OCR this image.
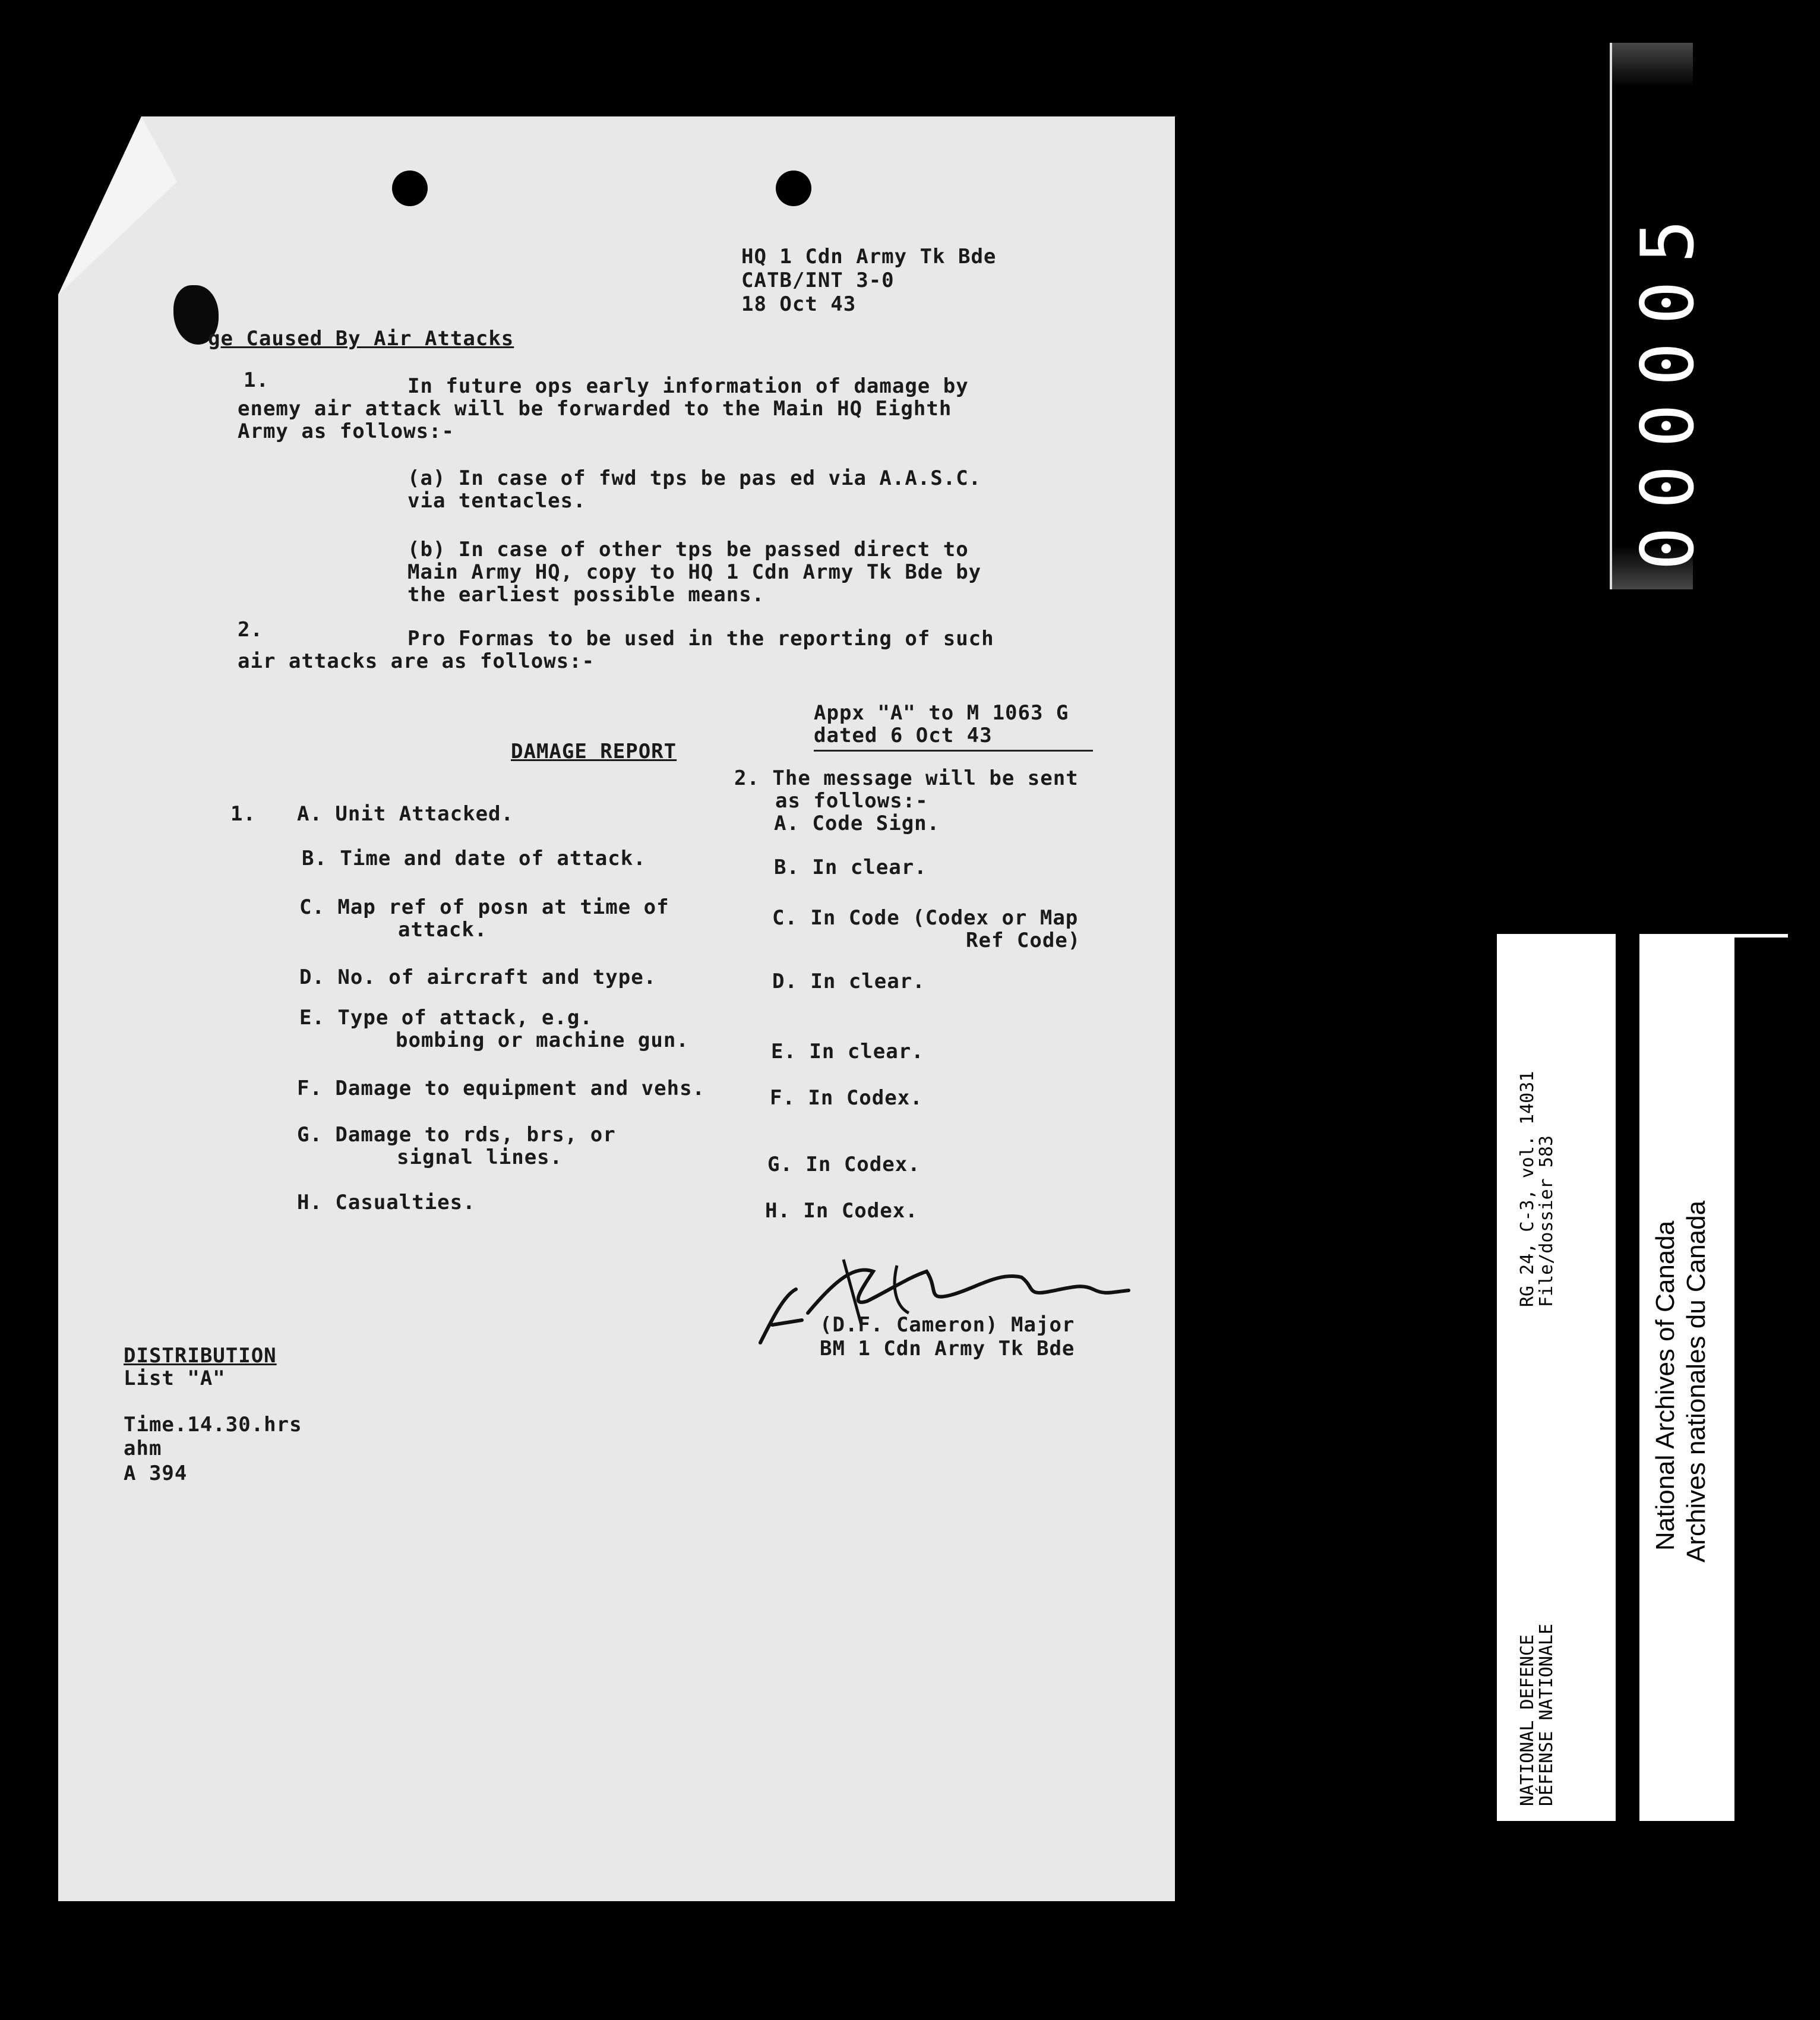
HQ 1 Cdn Army Tk Bde
CATB/INT 3-0
18 Oct 43
ge Caused By Air Attacks
1.	In future ops early information of damage by
enemy air attack will be forwarded to the Main HQ Eighth
Army as follows:-
(a) In case of fwd tps be pas ed via A.A.S.C.
via tentacles.
(b) In case of other tps be passed direct to
Main Army HQ, copy to HQ 1 Cdn Army Tk Bde by
the earliest possible means.
2.	Pro Formas to be used in the reporting of such
air attacks are as follows:-
Appx "A" to M 1063 G
dated 6 Oct 43
DAMAGE REPORT
2. The message will be sent
as follows:-
1. A. Unit Attacked.	A. Code Sign.
B. Time and date of attack.	B. In clear.
C. Map ref of posn at time of
attack.	C. In Code (Codex or Map
Ref Code)
D. No. of aircraft and type.	D. In clear.
E. Type of attack, e.g.
bombing or machine gun.	E. In clear.
F. Damage to equipment and vehs.	F. In Codex.
G. Damage to rds, brs, or
signal lines.	G. In Codex.
H. Casualties.	H. In Codex.
(D.F. Cameron) Major
BM 1 Cdn Army Tk Bde
DISTRIBUTION
List "A"
Time.14.30.hrs
ahm
A 394
000005
RG 24, C-3, vol. 14031
File/dossier 583
NATIONAL DEFENCE
DÉFENSE NATIONALE
National Archives of Canada Archives nationales du Canada
